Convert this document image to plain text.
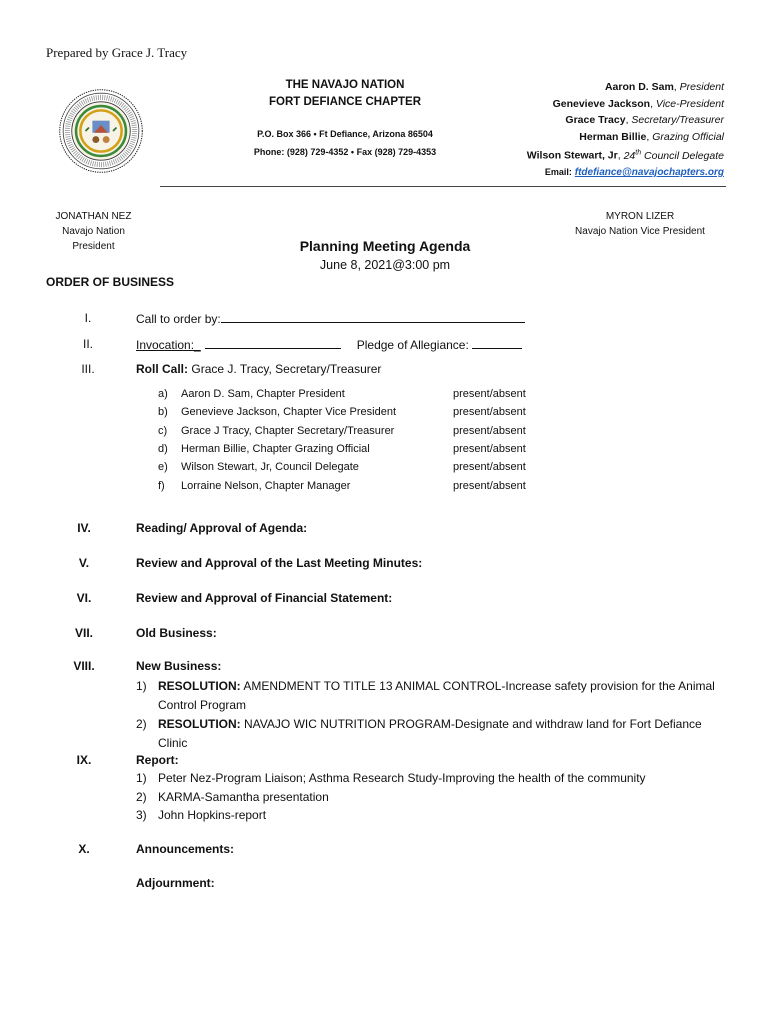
Prepared by Grace J. Tracy
THE NAVAJO NATION
FORT DEFIANCE CHAPTER
P.O. Box 366 • Ft Defiance, Arizona 86504
Phone: (928) 729-4352 • Fax (928) 729-4353
Aaron D. Sam, President
Genevieve Jackson, Vice-President
Grace Tracy, Secretary/Treasurer
Herman Billie, Grazing Official
Wilson Stewart, Jr, 24th Council Delegate
Email: ftdefiance@navajochapters.org
JONATHAN NEZ
Navajo Nation President
MYRON LIZER
Navajo Nation Vice President
Planning Meeting Agenda
June 8, 2021@3:00 pm
ORDER OF BUSINESS
I.	Call to order by:
II.	Invocation:_	Pledge of Allegiance:
III.	Roll Call: Grace J. Tracy, Secretary/Treasurer
a) Aaron D. Sam, Chapter President	present/absent
b) Genevieve Jackson, Chapter Vice President	present/absent
c) Grace J Tracy, Chapter Secretary/Treasurer	present/absent
d) Herman Billie, Chapter Grazing Official	present/absent
e) Wilson Stewart, Jr, Council Delegate	present/absent
f) Lorraine Nelson, Chapter Manager	present/absent
IV.	Reading/ Approval of Agenda:
V.	Review and Approval of the Last Meeting Minutes:
VI.	Review and Approval of Financial Statement:
VII.	Old Business:
VIII.	New Business:
1) RESOLUTION: AMENDMENT TO TITLE 13 ANIMAL CONTROL-Increase safety provision for the Animal
Control Program
2) RESOLUTION: NAVAJO WIC NUTRITION PROGRAM-Designate and withdraw land for Fort Defiance
Clinic
IX.	Report:
1) Peter Nez-Program Liaison; Asthma Research Study-Improving the health of the community
2) KARMA-Samantha presentation
3) John Hopkins-report
X.	Announcements:
Adjournment:
